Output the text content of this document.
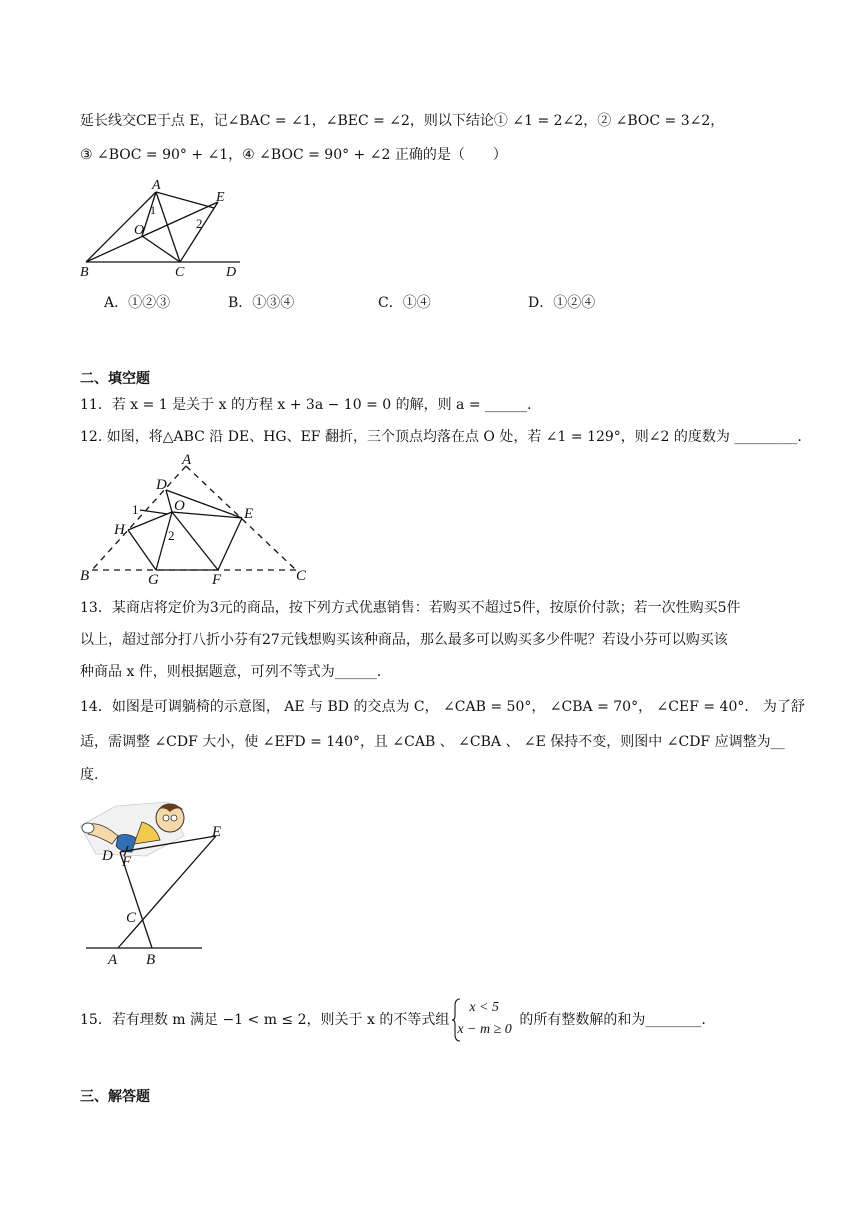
延长线交CE于点 E，记∠BAC = ∠1，∠BEC = ∠2，则以下结论① ∠1 = 2∠2，② ∠BOC = 3∠2，
③ ∠BOC = 90° + ∠1，④ ∠BOC = 90° + ∠2 正确的是（　　）
A
1
E
O	2
B	C	D
A．①②③	B．①③④	C．①④	D．①②④
二、填空题
11．若 x = 1 是关于 x 的方程 x + 3a − 10 = 0 的解，则 a = ______.
12. 如图，将△ABC 沿 DE、HG、EF 翻折，三个顶点均落在点 O 处，若 ∠1 = 129°，则∠2 的度数为 _________.
A
D
O
1	E
H	2
B	G	F	C
13．某商店将定价为3元的商品，按下列方式优惠销售：若购买不超过5件，按原价付款；若一次性购买5件
以上，超过部分打八折小芬有27元钱想购买该种商品，那么最多可以购买多少件呢？若设小芬可以购买该
种商品 x 件，则根据题意，可列不等式为______.
14．如图是可调躺椅的示意图， AE 与 BD 的交点为 C， ∠CAB = 50°， ∠CBA = 70°， ∠CEF = 40°． 为了舒
适，需调整 ∠CDF 大小，使 ∠EFD = 140°，且 ∠CAB 、 ∠CBA 、 ∠E 保持不变，则图中 ∠CDF 应调整为__
度.
E
D F
C
A B
15．若有理数 m 满足 −1 < m ≤ 2，则关于 x 的不等式组
x < 5
x − m ≥ 0
的所有整数解的和为________.
三、解答题
